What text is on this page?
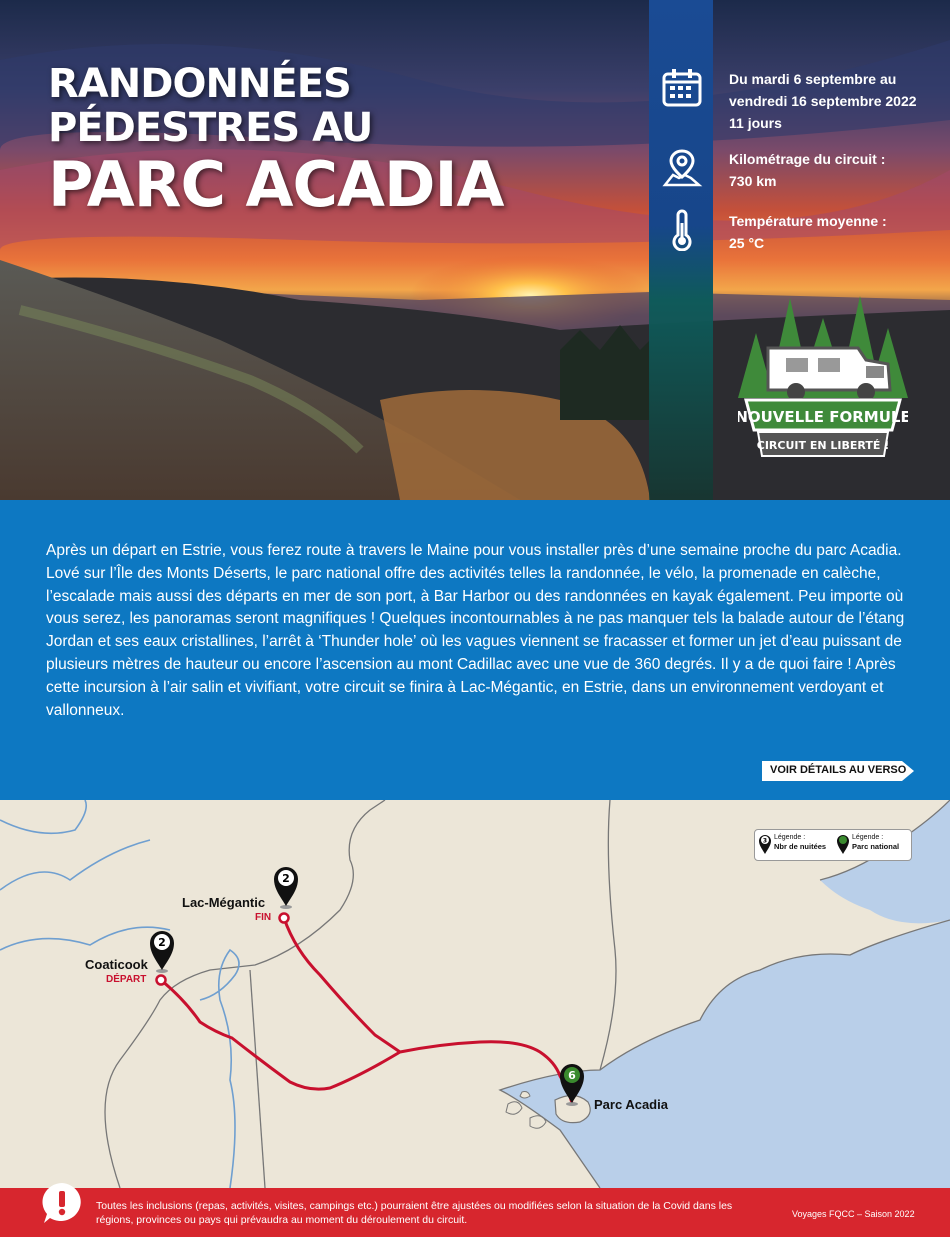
RANDONNÉES
PÉDESTRES AU
PARC ACADIA
Du mardi 6 septembre au
vendredi 16 septembre 2022
11 jours
Kilométrage du circuit :
730 km
Température moyenne :
25 °C
NOUVELLE FORMULE
CIRCUIT EN LIBERTÉ !

Après un départ en Estrie, vous ferez route à travers le Maine pour vous installer près d’une semaine proche du parc Acadia. Lové sur l’Île des Monts Déserts, le parc national offre des activités telles la randonnée, le vélo, la promenade en calèche, l’escalade mais aussi des départs en mer de son port, à Bar Harbor ou des randonnées en kayak également. Peu importe où vous serez, les panoramas seront magnifiques ! Quelques incontournables à ne pas manquer tels la balade autour de l’étang Jordan et ses eaux cristallines, l’arrêt à ‘Thunder hole’ où les vagues viennent se fracasser et former un jet d’eau puissant de plusieurs mètres de hauteur ou encore l’ascension au mont Cadillac avec une vue de 360 degrés. Il y a de quoi faire ! Après cette incursion à l’air salin et vivifiant, votre circuit se finira à Lac-Mégantic, en Estrie, dans un environnement verdoyant et vallonneux.

VOIR DÉTAILS AU VERSO
2
2
6
Lac-Mégantic
FIN
Coaticook
DÉPART
Parc Acadia
3 Légende :
Nbr de nuitées
Légende :
Parc national
Toutes les inclusions (repas, activités, visites, campings etc.) pourraient être ajustées ou modifiées selon la situation de la Covid dans les régions, provinces ou pays qui prévaudra au moment du déroulement du circuit.	Voyages FQCC – Saison 2022
